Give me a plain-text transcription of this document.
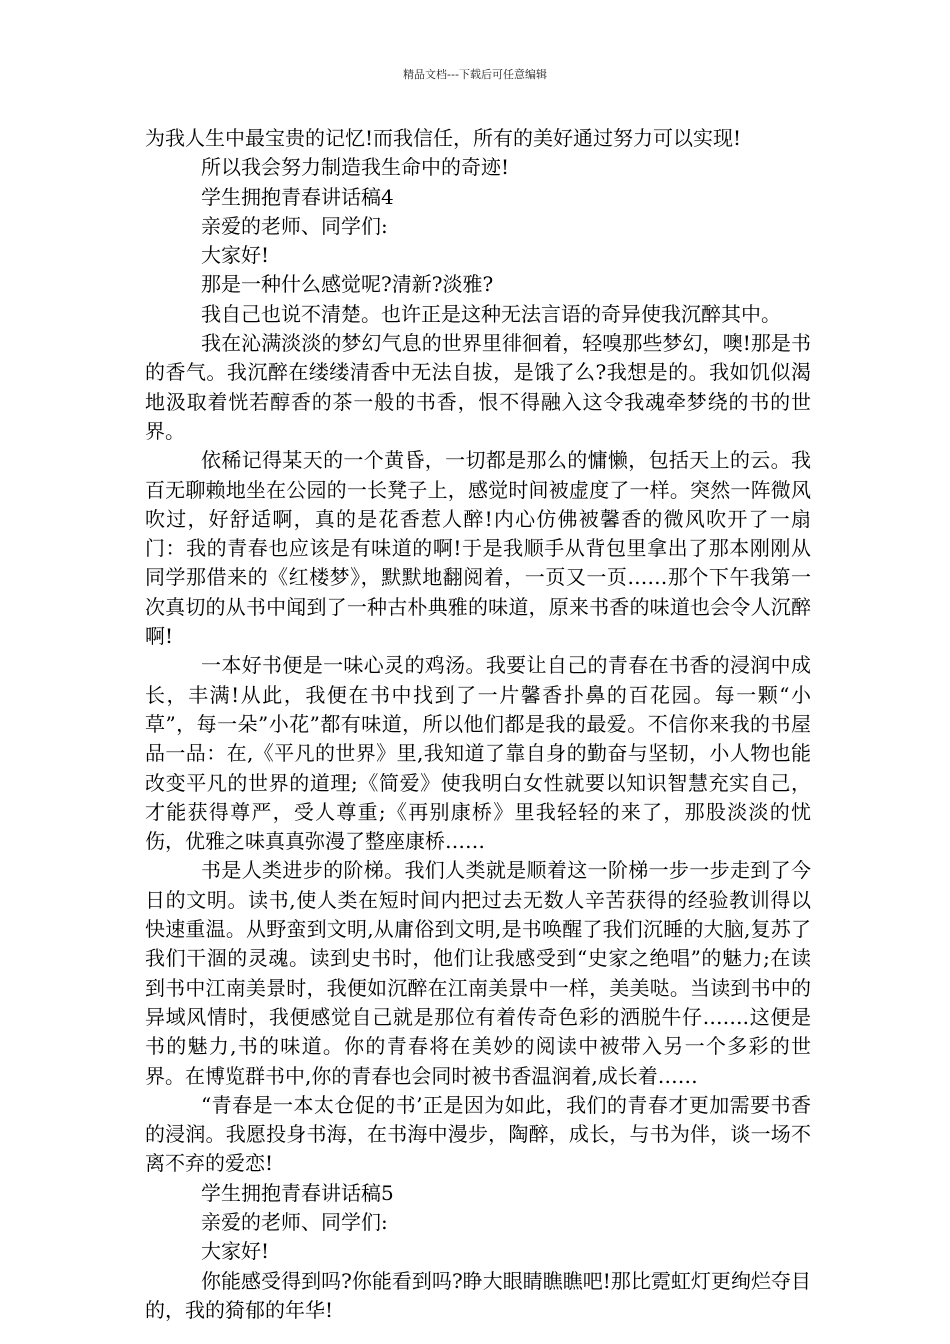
精品文档---下载后可任意编辑

为我人生中最宝贵的记忆!而我信任，所有的美好通过努力可以实现!

所以我会努力制造我生命中的奇迹!

学生拥抱青春讲话稿4

亲爱的老师、同学们:

大家好!

那是一种什么感觉呢?清新?淡雅?

我自己也说不清楚。也许正是这种无法言语的奇异使我沉醉其中。

我在沁满淡淡的梦幻气息的世界里徘徊着，轻嗅那些梦幻，噢!那是书的香气。我沉醉在缕缕清香中无法自拔，是饿了么?我想是的。我如饥似渴地汲取着恍若醇香的茶一般的书香，恨不得融入这令我魂牵梦绕的书的世界。

依稀记得某天的一个黄昏，一切都是那么的慵懒，包括天上的云。我百无聊赖地坐在公园的一长凳子上，感觉时间被虚度了一样。突然一阵微风吹过，好舒适啊，真的是花香惹人醉!内心仿佛被馨香的微风吹开了一扇门：我的青春也应该是有味道的啊!于是我顺手从背包里拿出了那本刚刚从同学那借来的《红楼梦》，默默地翻阅着，一页又一页……那个下午我第一次真切的从书中闻到了一种古朴典雅的味道，原来书香的味道也会令人沉醉啊!

一本好书便是一味心灵的鸡汤。我要让自己的青春在书香的浸润中成长，丰满!从此，我便在书中找到了一片馨香扑鼻的百花园。每一颗“小草”，每一朵”小花”都有味道，所以他们都是我的最爱。不信你来我的书屋品一品：在,《平凡的世界》里,我知道了靠自身的勤奋与坚韧，小人物也能改变平凡的世界的道理;《简爱》使我明白女性就要以知识智慧充实自己，才能获得尊严，受人尊重;《再别康桥》里我轻轻的来了，那股淡淡的忧伤，优雅之味真真弥漫了整座康桥……

书是人类进步的阶梯。我们人类就是顺着这一阶梯一步一步走到了今日的文明。读书,使人类在短时间内把过去无数人辛苦获得的经验教训得以快速重温。从野蛮到文明,从庸俗到文明,是书唤醒了我们沉睡的大脑,复苏了我们干涸的灵魂。读到史书时，他们让我感受到“史家之绝唱”的魅力;在读到书中江南美景时，我便如沉醉在江南美景中一样，美美哒。当读到书中的异域风情时，我便感觉自己就是那位有着传奇色彩的洒脱牛仔…….这便是书的魅力,书的味道。你的青春将在美妙的阅读中被带入另一个多彩的世界。在博览群书中,你的青春也会同时被书香温润着,成长着……

“青春是一本太仓促的书’正是因为如此，我们的青春才更加需要书香的浸润。我愿投身书海，在书海中漫步，陶醉，成长，与书为伴，谈一场不离不弃的爱恋!

学生拥抱青春讲话稿5

亲爱的老师、同学们:

大家好!

你能感受得到吗?你能看到吗?睁大眼睛瞧瞧吧!那比霓虹灯更绚烂夺目的，我的猗郁的年华!
